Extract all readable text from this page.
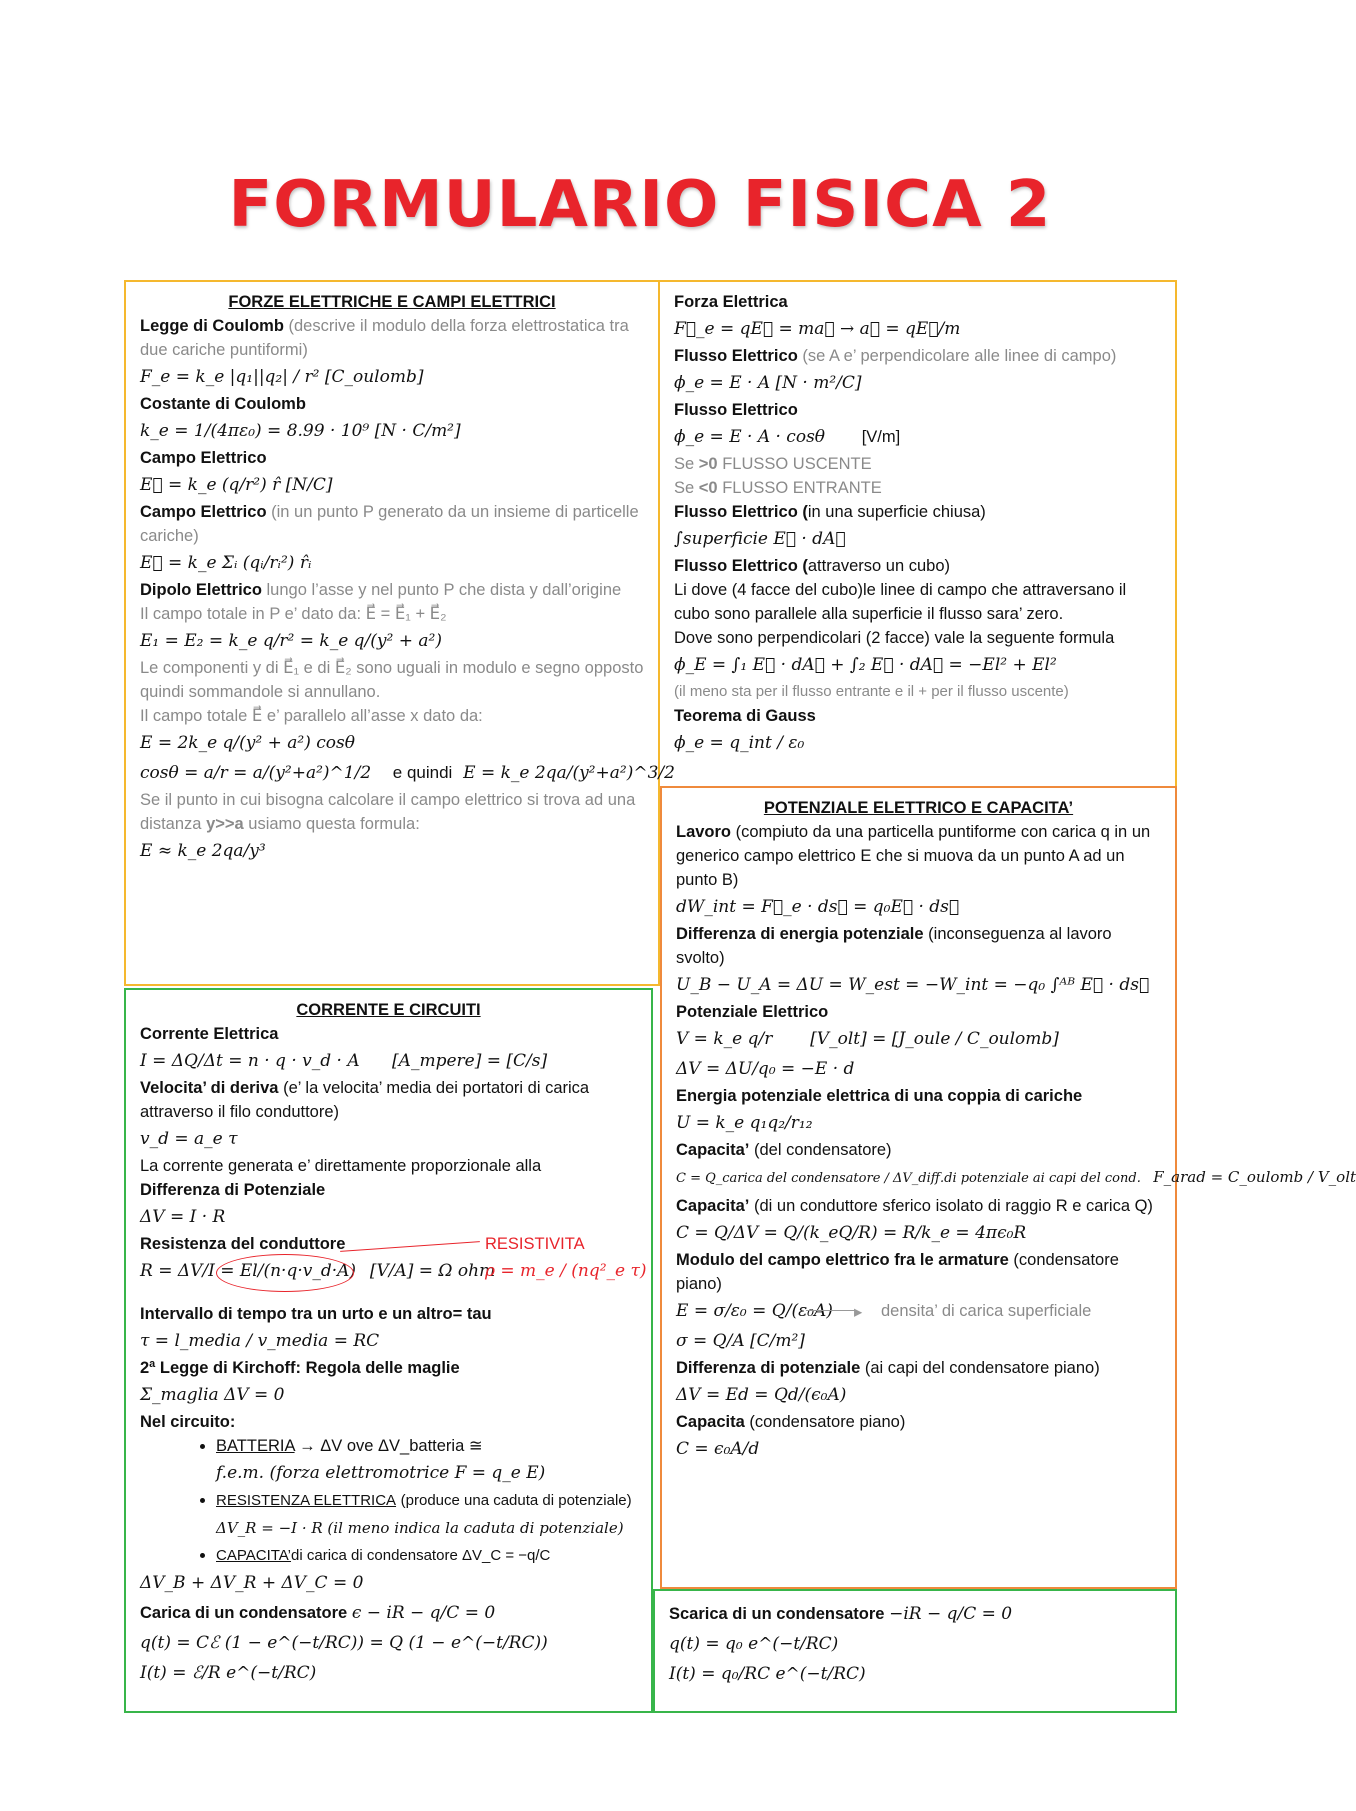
FORMULARIO FISICA 2
FORZE ELETTRICHE E CAMPI ELETTRICI
Legge di Coulomb (descrive il modulo della forza elettrostatica tra due cariche puntiformi)
F_e = k_e |q₁||q₂| / r² [C_oulomb]
Costante di Coulomb
k_e = 1/(4πε₀) = 8.99 · 10⁹ [N · C/m²]
Campo Elettrico
E⃗ = k_e (q/r²) r̂ [N/C]
Campo Elettrico (in un punto P generato da un insieme di particelle cariche)
E⃗ = k_e Σᵢ (qᵢ/rᵢ²) r̂ᵢ
Dipolo Elettrico lungo l’asse y nel punto P che dista y dall’origine
Il campo totale in P e’ dato da: E⃗ = E⃗₁ + E⃗₂
E₁ = E₂ = k_e q/r² = k_e q/(y² + a²)
Le componenti y di E⃗₁ e di E⃗₂ sono uguali in modulo e segno opposto quindi sommandole si annullano.
Il campo totale E⃗ e’ parallelo all’asse x dato da:
E = 2k_e q/(y² + a²) cosθ
cosθ = a/r = a/(y²+a²)^1/2 e quindi E = k_e 2qa/(y²+a²)^3/2
Se il punto in cui bisogna calcolare il campo elettrico si trova ad una distanza y>>a usiamo questa formula:
E ≈ k_e 2qa/y³
Forza Elettrica
F⃗_e = qE⃗ = ma⃗ → a⃗ = qE⃗/m
Flusso Elettrico (se A e’ perpendicolare alle linee di campo)
ϕ_e = E · A [N · m²/C]
Flusso Elettrico
ϕ_e = E · A · cosθ [V/m]
Se >0 FLUSSO USCENTE
Se <0 FLUSSO ENTRANTE
Flusso Elettrico (in una superficie chiusa)
∫superficie E⃗ · dA⃗
Flusso Elettrico (attraverso un cubo)
Li dove (4 facce del cubo)le linee di campo che attraversano il cubo sono parallele alla superficie il flusso sara’ zero.
Dove sono perpendicolari (2 facce) vale la seguente formula
ϕ_E = ∫₁ E⃗ · dA⃗ + ∫₂ E⃗ · dA⃗ = −El² + El²
(il meno sta per il flusso entrante e il + per il flusso uscente)
Teorema di Gauss
ϕ_e = q_int / ε₀
POTENZIALE ELETTRICO E CAPACITA’
Lavoro (compiuto da una particella puntiforme con carica q in un generico campo elettrico E che si muova da un punto A ad un punto B)
dW_int = F⃗_e · ds⃗ = q₀E⃗ · ds⃗
Differenza di energia potenziale (inconseguenza al lavoro svolto)
U_B − U_A = ΔU = W_est = −W_int = −q₀ ∫ᴬᴮ E⃗ · ds⃗
Potenziale Elettrico
V = k_e q/r [V_olt] = [J_oule / C_oulomb]
ΔV = ΔU/q₀ = −E · d
Energia potenziale elettrica di una coppia di cariche
U = k_e q₁q₂/r₁₂
Capacita’ (del condensatore)
C = Q_carica del condensatore / ΔV_diff.di potenziale ai capi del cond. F_arad = C_oulomb / V_olt
Capacita’ (di un conduttore sferico isolato di raggio R e carica Q)
C = Q/ΔV = Q/(k_eQ/R) = R/k_e = 4πϵ₀R
Modulo del campo elettrico fra le armature (condensatore piano)
E = σ/ε₀ = Q/(ε₀A) ▸ densita’ di carica superficiale
σ = Q/A [C/m²]
Differenza di potenziale (ai capi del condensatore piano)
ΔV = Ed = Qd/(ϵ₀A)
Capacita (condensatore piano)
C = ϵ₀A/d
CORRENTE E CIRCUITI
Corrente Elettrica
I = ΔQ/Δt = n · q · v_d · A [A_mpere] = [C/s]
Velocita’ di deriva (e’ la velocita’ media dei portatori di carica attraverso il filo conduttore)
v_d = a_e τ
La corrente generata e’ direttamente proporzionale alla
Differenza di Potenziale
ΔV = I · R
Resistenza del conduttore	RESISTIVITA
R = ΔV/I = El/(n·q·v_d·A) [V/A] = Ω ohm
ρ = m_e / (nq²_e τ)
Intervallo di tempo tra un urto e un altro= tau
τ = l_media / v_media = RC
2ª Legge di Kirchoff: Regola delle maglie
Σ_maglia ΔV = 0
Nel circuito:
• BATTERIA → ΔV ove ΔV_batteria ≅
f.e.m. (forza elettromotrice F = q_e E)
• RESISTENZA ELETTRICA (produce una caduta di potenziale)
ΔV_R = −I · R (il meno indica la caduta di potenziale)
• CAPACITA’di carica di condensatore ΔV_C = −q/C
ΔV_B + ΔV_R + ΔV_C = 0
Carica di un condensatore ϵ − iR − q/C = 0
q(t) = Cℰ (1 − e^(−t/RC)) = Q (1 − e^(−t/RC))
I(t) = ℰ/R e^(−t/RC)
Scarica di un condensatore −iR − q/C = 0
q(t) = q₀ e^(−t/RC)
I(t) = q₀/RC e^(−t/RC)
